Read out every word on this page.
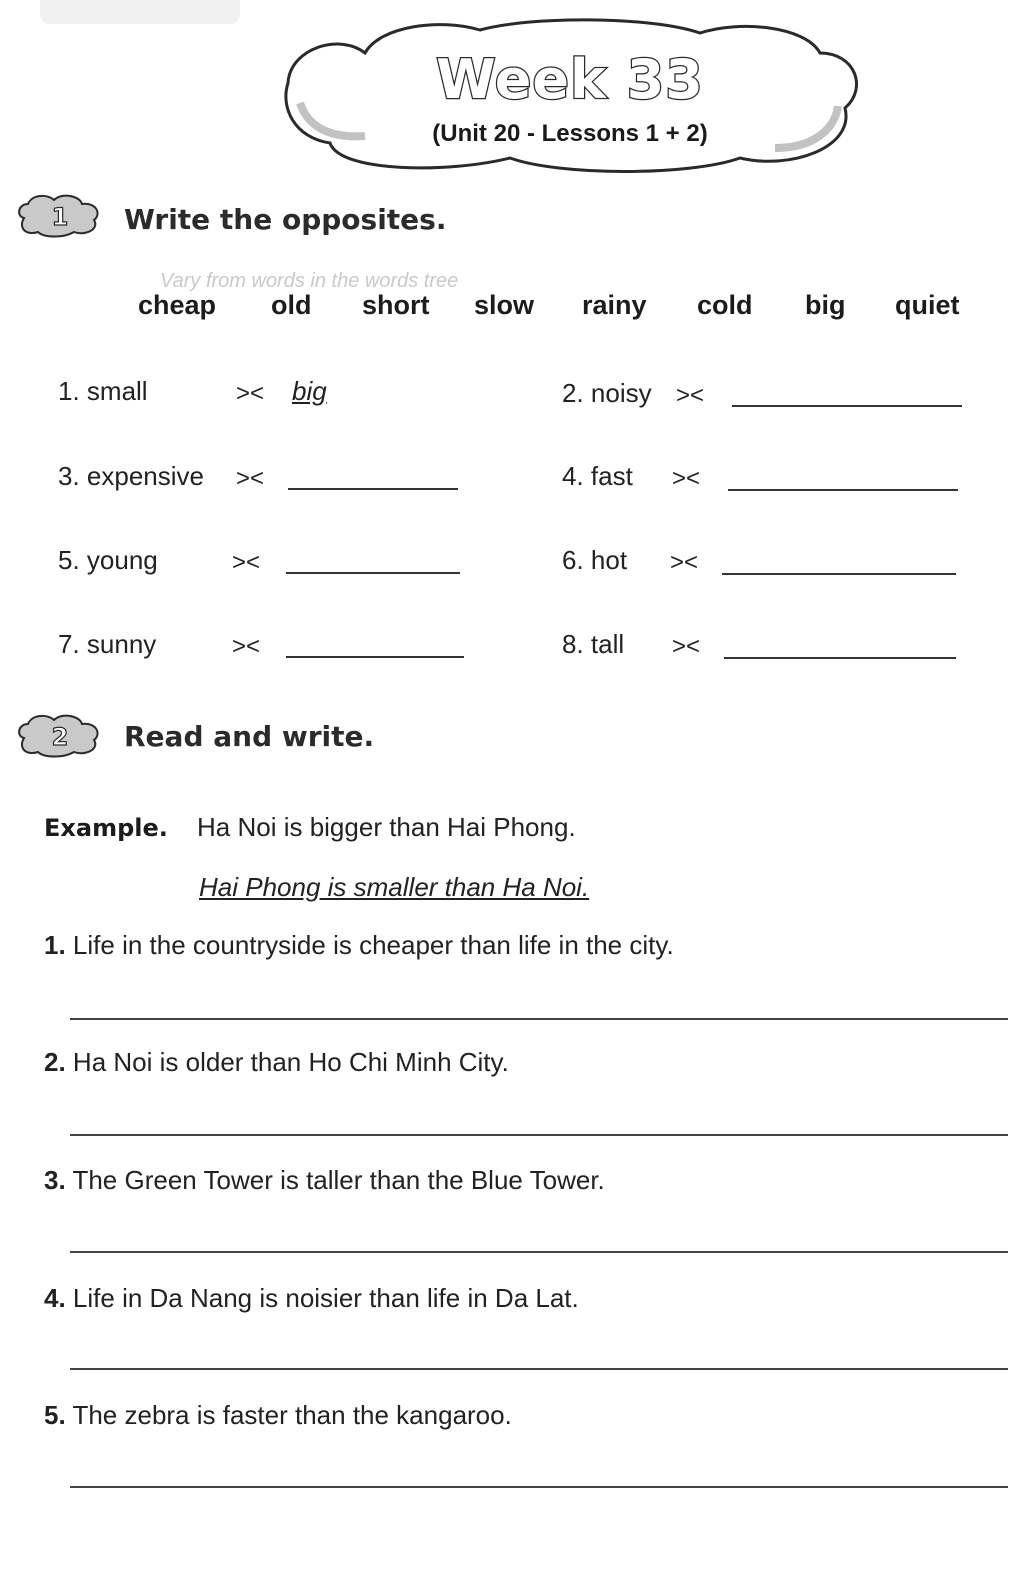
Week 33
(Unit 20 - Lessons 1 + 2)
1 Write the opposites.
Vary from words in the words tree
cheap old short slow rainy cold big quiet
1. small	>< big	2. noisy ><
3. expensive ><	4. fast ><
5. young	><	6. hot ><
7. sunny	><	8. tall ><
2 Read and write.
Example. Ha Noi is bigger than Hai Phong.
Hai Phong is smaller than Ha Noi.
1. Life in the countryside is cheaper than life in the city.
2. Ha Noi is older than Ho Chi Minh City.
3. The Green Tower is taller than the Blue Tower.
4. Life in Da Nang is noisier than life in Da Lat.
5. The zebra is faster than the kangaroo.
